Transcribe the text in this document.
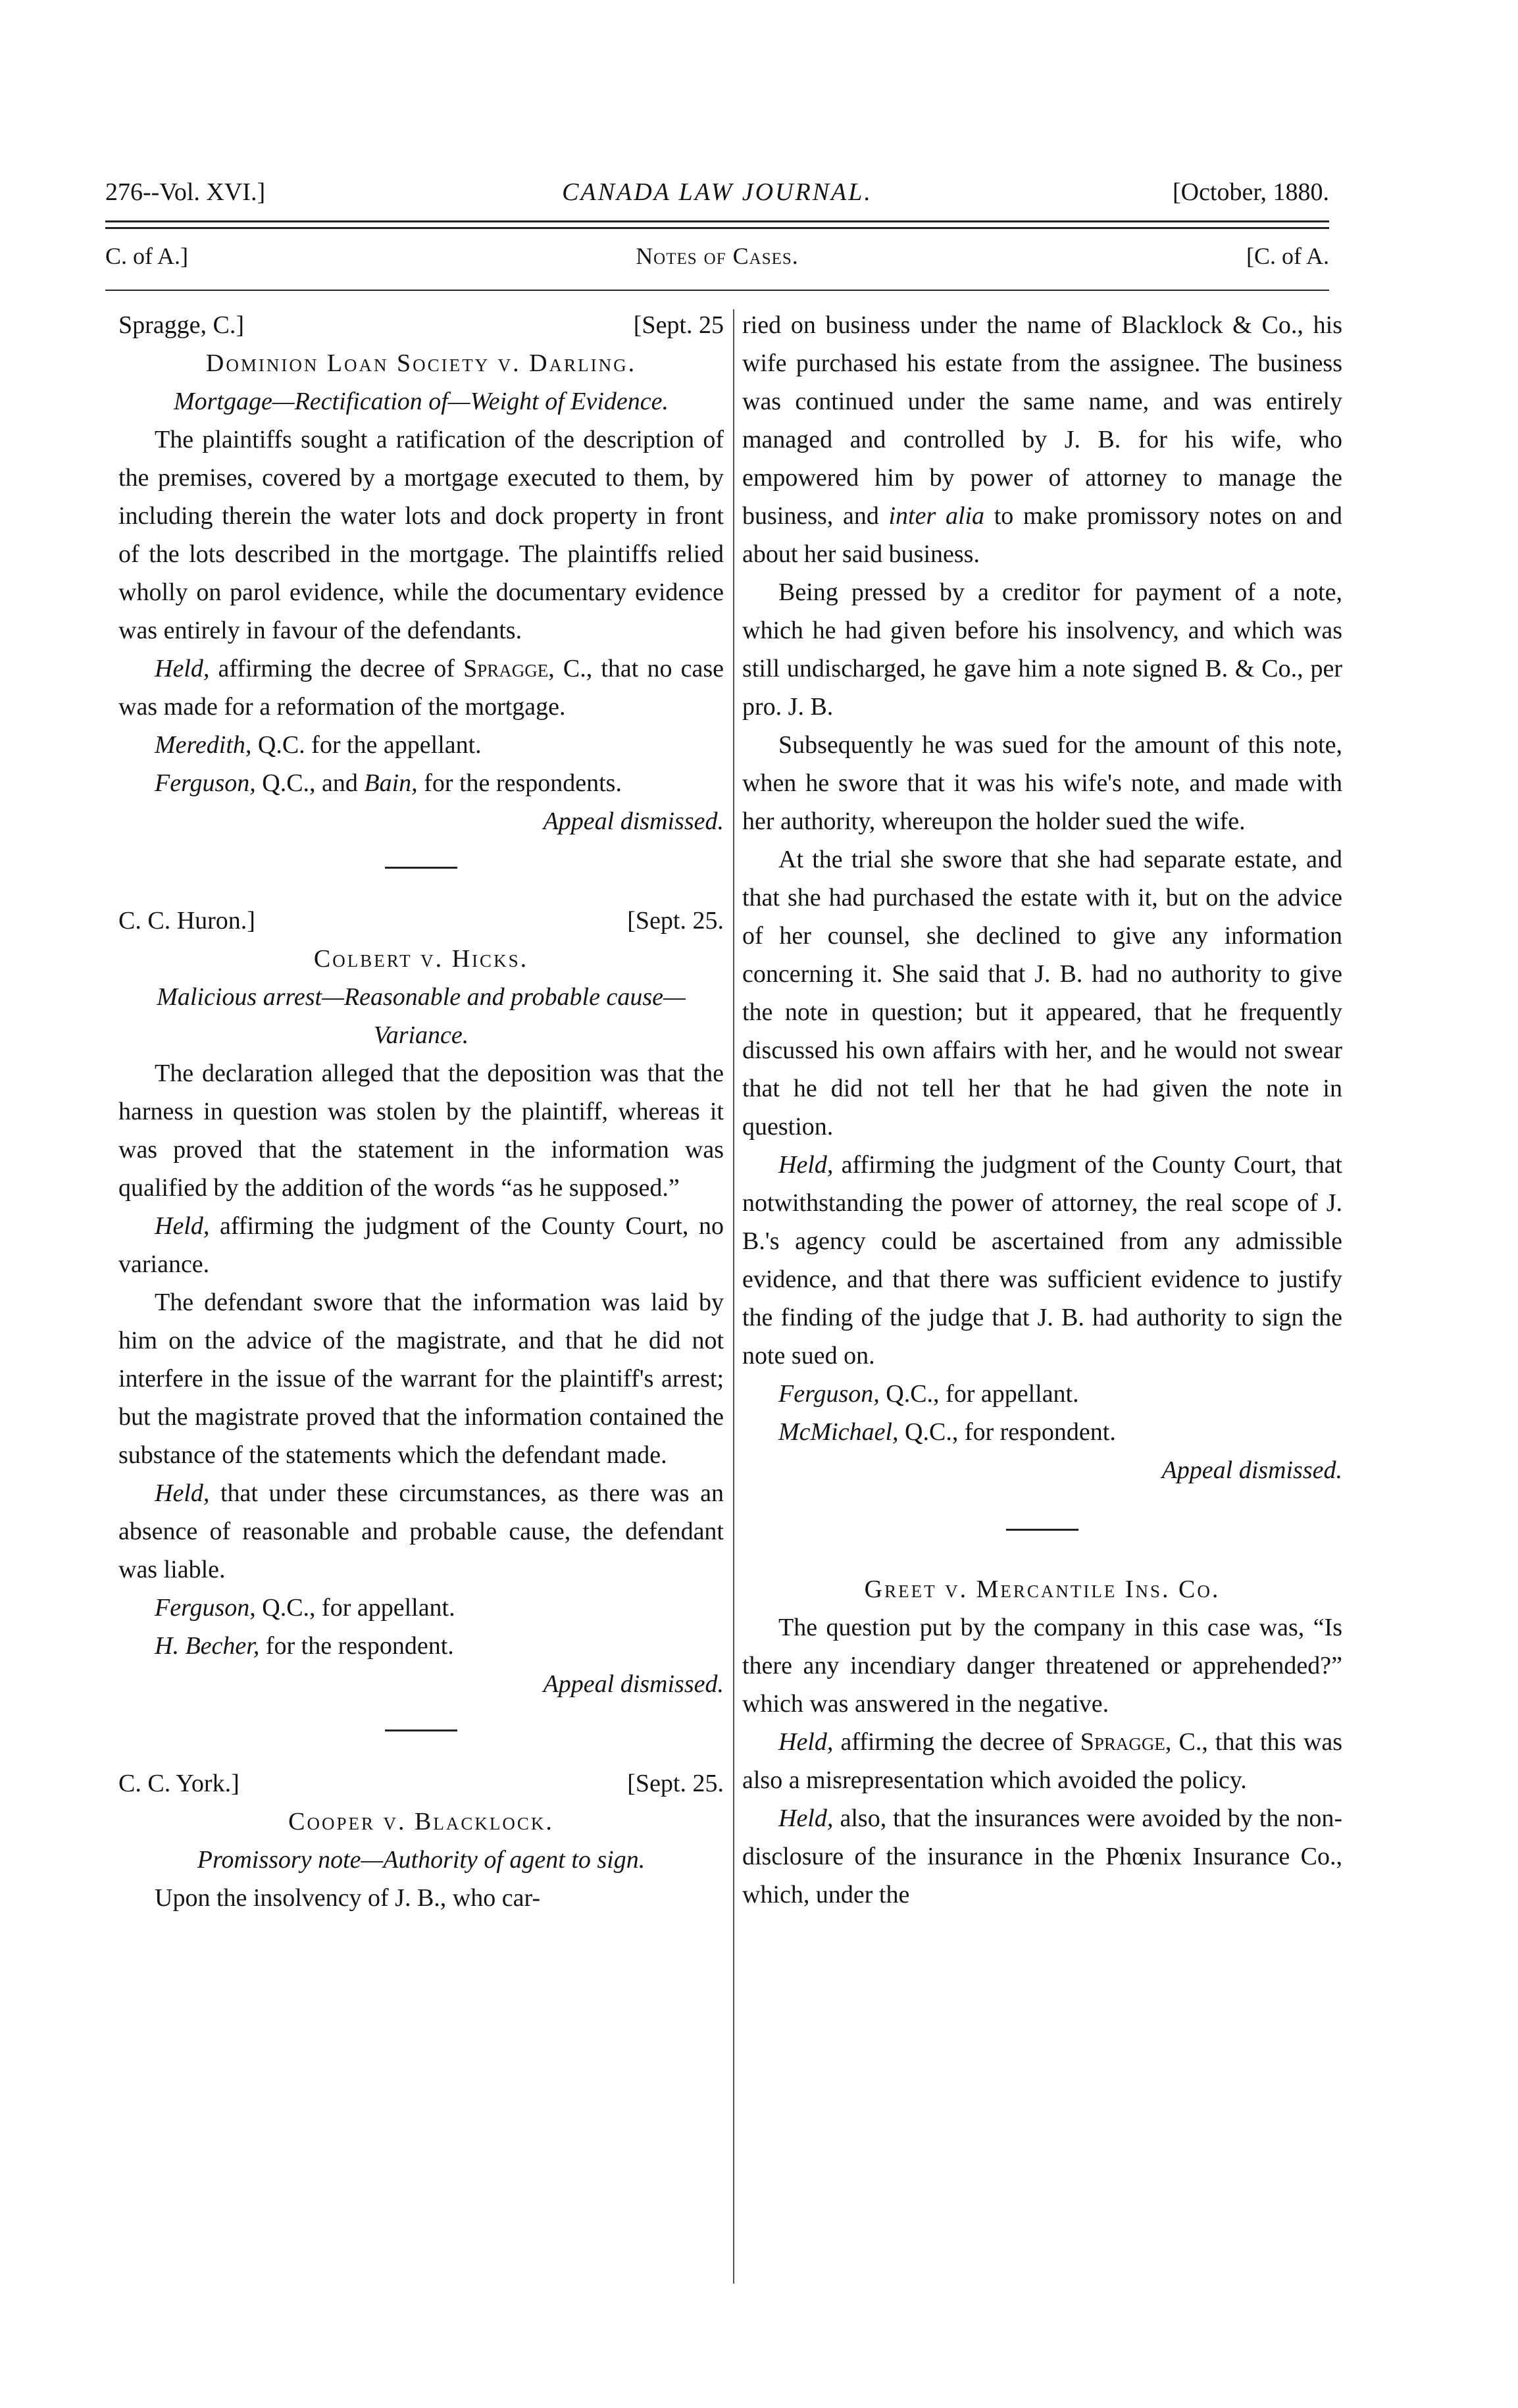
276--Vol. XVI.]	CANADA LAW JOURNAL.	[October, 1880.
C. of A.]	Notes of Cases.	[C. of A.
Spragge, C.]	[Sept. 25

Dominion Loan Society v. Darling.

Mortgage—Rectification of—Weight of Evidence.

The plaintiffs sought a ratification of the description of the premises, covered by a mortgage executed to them, by including therein the water lots and dock property in front of the lots described in the mortgage. The plaintiffs relied wholly on parol evidence, while the documentary evidence was entirely in favour of the defendants.

Held, affirming the decree of Spragge, C., that no case was made for a reformation of the mortgage.

Meredith, Q.C. for the appellant.

Ferguson, Q.C., and Bain, for the respondents.

Appeal dismissed.

C. C. Huron.]	[Sept. 25.

Colbert v. Hicks.

Malicious arrest—Reasonable and probable cause—Variance.

The declaration alleged that the deposition was that the harness in question was stolen by the plaintiff, whereas it was proved that the statement in the information was qualified by the addition of the words “as he supposed.”

Held, affirming the judgment of the County Court, no variance.

The defendant swore that the information was laid by him on the advice of the magistrate, and that he did not interfere in the issue of the warrant for the plaintiff's arrest; but the magistrate proved that the information contained the substance of the statements which the defendant made.

Held, that under these circumstances, as there was an absence of reasonable and probable cause, the defendant was liable.

Ferguson, Q.C., for appellant.

H. Becher, for the respondent.

Appeal dismissed.

C. C. York.]	[Sept. 25.

Cooper v. Blacklock.

Promissory note—Authority of agent to sign.

Upon the insolvency of J. B., who car-

ried on business under the name of Blacklock & Co., his wife purchased his estate from the assignee. The business was continued under the same name, and was entirely managed and controlled by J. B. for his wife, who empowered him by power of attorney to manage the business, and inter alia to make promissory notes on and about her said business.

Being pressed by a creditor for payment of a note, which he had given before his insolvency, and which was still undischarged, he gave him a note signed B. & Co., per pro. J. B.

Subsequently he was sued for the amount of this note, when he swore that it was his wife's note, and made with her authority, whereupon the holder sued the wife.

At the trial she swore that she had separate estate, and that she had purchased the estate with it, but on the advice of her counsel, she declined to give any information concerning it. She said that J. B. had no authority to give the note in question; but it appeared, that he frequently discussed his own affairs with her, and he would not swear that he did not tell her that he had given the note in question.

Held, affirming the judgment of the County Court, that notwithstanding the power of attorney, the real scope of J. B.'s agency could be ascertained from any admissible evidence, and that there was sufficient evidence to justify the finding of the judge that J. B. had authority to sign the note sued on.

Ferguson, Q.C., for appellant.

McMichael, Q.C., for respondent.

Appeal dismissed.

Greet v. Mercantile Ins. Co.

The question put by the company in this case was, “Is there any incendiary danger threatened or apprehended?” which was answered in the negative.

Held, affirming the decree of Spragge, C., that this was also a misrepresentation which avoided the policy.

Held, also, that the insurances were avoided by the non-disclosure of the insurance in the Phœnix Insurance Co., which, under the
